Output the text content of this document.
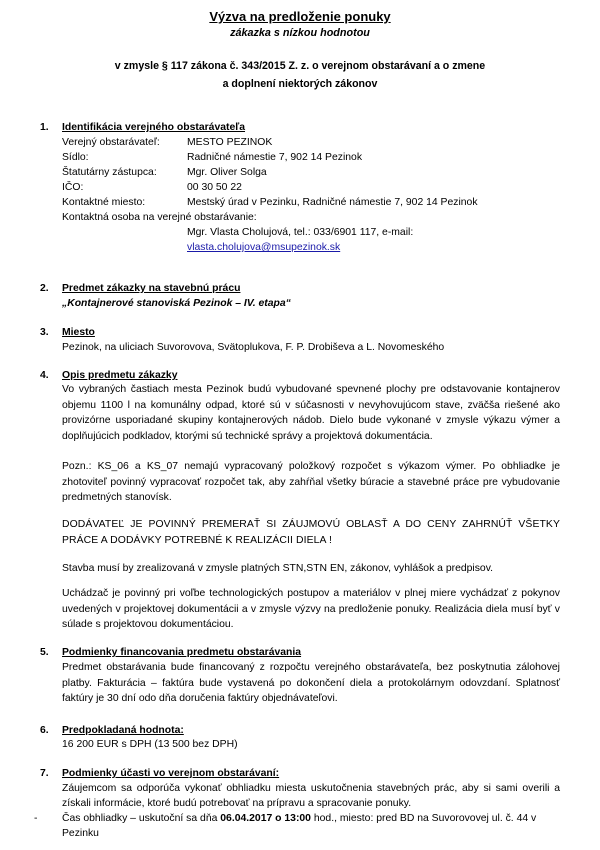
Výzva na predloženie ponuky
zákazka s nízkou hodnotou
v zmysle § 117 zákona č. 343/2015 Z. z. o verejnom obstarávaní a o zmene
a doplnení niektorých zákonov
1. Identifikácia verejného obstarávateľa
Verejný obstarávateľ:	MESTO PEZINOK
Sídlo:	Radničné námestie 7, 902 14 Pezinok
Štatutárny zástupca:	Mgr. Oliver Solga
IČO:	00 30 50 22
Kontaktné miesto:	Mestský úrad v Pezinku, Radničné námestie 7, 902 14 Pezinok
Kontaktná osoba na verejné obstarávanie:
Mgr. Vlasta Cholujová, tel.: 033/6901 117, e-mail:
vlasta.cholujova@msupezinok.sk
2. Predmet zákazky na stavebnú prácu
„Kontajnerové stanoviská Pezinok – IV. etapa“
3. Miesto
Pezinok, na uliciach Suvorovova, Svätoplukova, F. P. Drobiševa a L. Novomeského
4. Opis predmetu zákazky

Vo vybraných častiach mesta Pezinok budú vybudované spevnené plochy pre odstavovanie kontajnerov objemu 1100 l na komunálny odpad, ktoré sú v súčasnosti v nevyhovujúcom stave, zväčša riešené ako provizórne usporiadané skupiny kontajnerových nádob. Dielo bude vykonané v zmysle výkazu výmer a doplňujúcich podkladov, ktorými sú technické správy a projektová dokumentácia.

Pozn.: KS_06 a KS_07 nemajú vypracovaný položkový rozpočet s výkazom výmer. Po obhliadke je zhotoviteľ povinný vypracovať rozpočet tak, aby zahŕňal všetky búracie a stavebné práce pre vybudovanie predmetných stanovísk.

DODÁVATEĽ JE POVINNÝ PREMERAŤ SI ZÁUJMOVÚ OBLASŤ A DO CENY ZAHRNÚŤ VŠETKY PRÁCE A DODÁVKY POTREBNÉ K REALIZÁCII DIELA !

Stavba musí by zrealizovaná v zmysle platných STN,STN EN, zákonov, vyhlášok a predpisov.

Uchádzač je povinný pri voľbe technologických postupov a materiálov v plnej miere vychádzať z pokynov uvedených v projektovej dokumentácii a v zmysle výzvy na predloženie ponuky. Realizácia diela musí byť v súlade s projektovou dokumentáciou.

5. Podmienky financovania predmetu obstarávania

Predmet obstarávania bude financovaný z rozpočtu verejného obstarávateľa, bez poskytnutia zálohovej platby. Fakturácia – faktúra bude vystavená po dokončení diela a protokolárnym odovzdaní. Splatnosť faktúry je 30 dní odo dňa doručenia faktúry objednávateľovi.

6. Predpokladaná hodnota:
16 200 EUR s DPH (13 500 bez DPH)
7. Podmienky účasti vo verejnom obstarávaní:

Záujemcom sa odporúča vykonať obhliadku miesta uskutočnenia stavebných prác, aby si sami overili a získali informácie, ktoré budú potrebovať na prípravu a spracovanie ponuky.

- Čas obhliadky – uskutoční sa dňa 06.04.2017 o 13:00 hod., miesto: pred BD na Suvorovovej ul. č. 44 v
Pezinku
